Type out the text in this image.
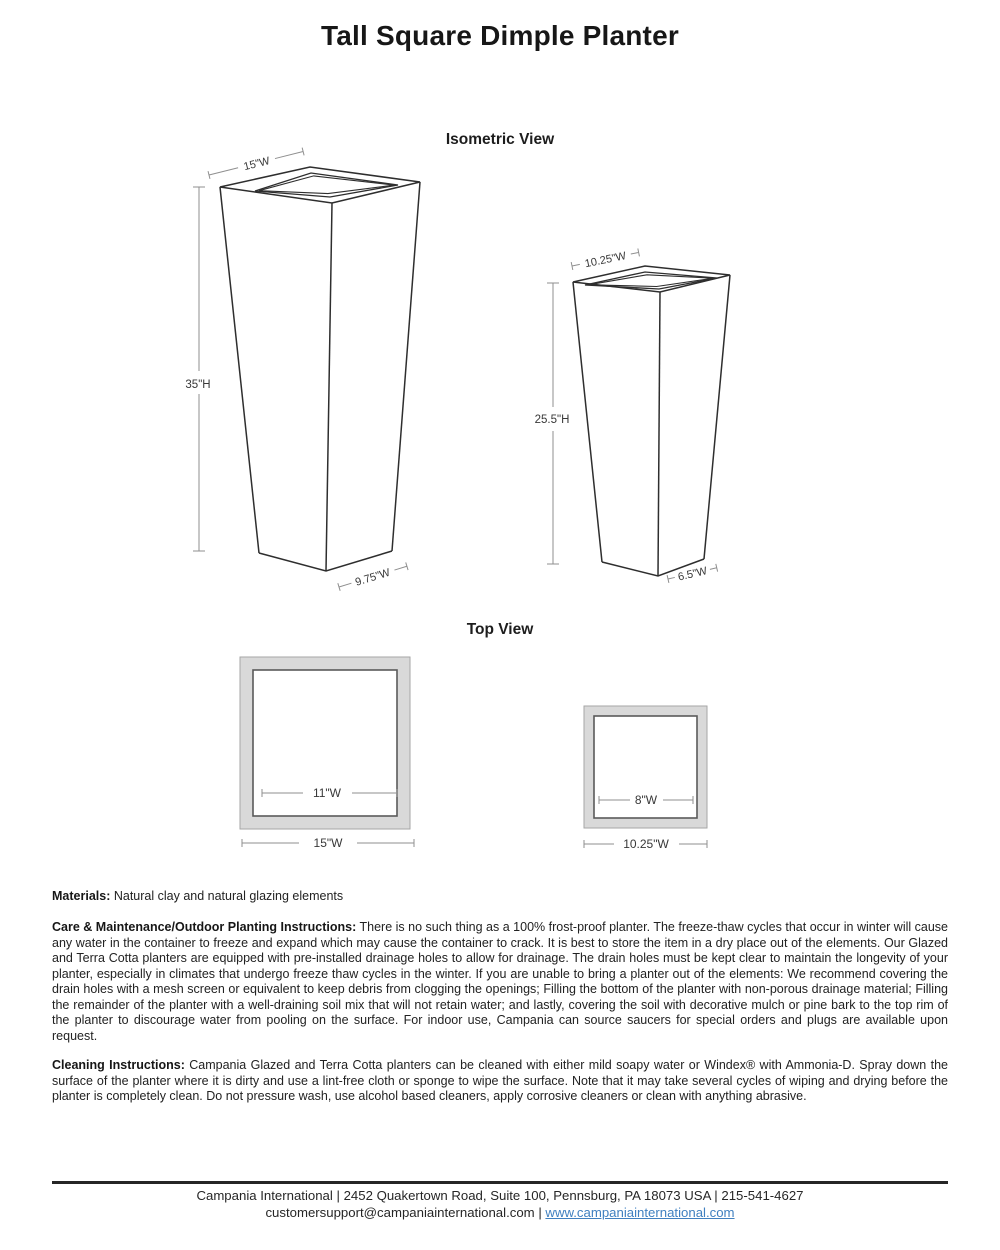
Tall Square Dimple Planter
Isometric View
35"H
15"W
9.75"W
25.5"H
10.25"W
6.5"W
Top View
11"W
15"W
8"W
10.25"W
Materials: Natural clay and natural glazing elements
Care & Maintenance/Outdoor Planting Instructions: There is no such thing as a 100% frost-proof planter. The freeze-thaw cycles that occur in winter will cause any water in the container to freeze and expand which may cause the container to crack. It is best to store the item in a dry place out of the elements. Our Glazed and Terra Cotta planters are equipped with pre-installed drainage holes to allow for drainage. The drain holes must be kept clear to maintain the longevity of your planter, especially in climates that undergo freeze thaw cycles in the winter. If you are unable to bring a planter out of the elements: We recommend covering the drain holes with a mesh screen or equivalent to keep debris from clogging the openings; Filling the bottom of the planter with non-porous drainage material; Filling the remainder of the planter with a well-draining soil mix that will not retain water; and lastly, covering the soil with decorative mulch or pine bark to the top rim of the planter to discourage water from pooling on the surface. For indoor use, Campania can source saucers for special orders and plugs are available upon request.
Cleaning Instructions: Campania Glazed and Terra Cotta planters can be cleaned with either mild soapy water or Windex® with Ammonia-D. Spray down the surface of the planter where it is dirty and use a lint-free cloth or sponge to wipe the surface. Note that it may take several cycles of wiping and drying before the planter is completely clean. Do not pressure wash, use alcohol based cleaners, apply corrosive cleaners or clean with anything abrasive.
Campania International | 2452 Quakertown Road, Suite 100, Pennsburg, PA 18073 USA | 215-541-4627
customersupport@campaniainternational.com | www.campaniainternational.com
